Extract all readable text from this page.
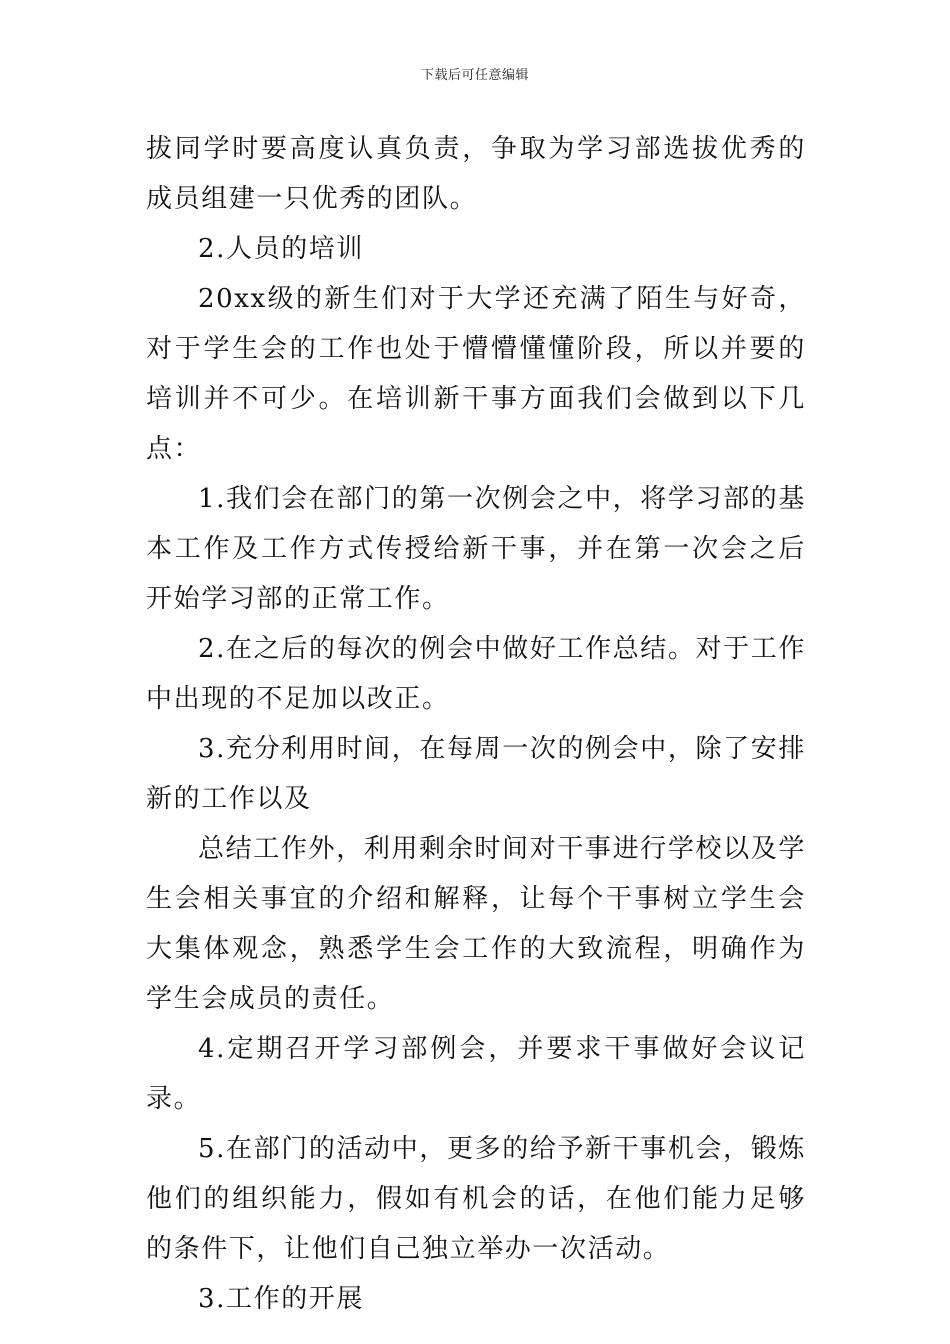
下载后可任意编辑

拔同学时要高度认真负责，争取为学习部选拔优秀的成员组建一只优秀的团队。

2.人员的培训

20xx级的新生们对于大学还充满了陌生与好奇，对于学生会的工作也处于懵懵懂懂阶段，所以并要的培训并不可少。在培训新干事方面我们会做到以下几点：

1.我们会在部门的第一次例会之中，将学习部的基本工作及工作方式传授给新干事，并在第一次会之后开始学习部的正常工作。

2.在之后的每次的例会中做好工作总结。对于工作中出现的不足加以改正。

3.充分利用时间，在每周一次的例会中，除了安排新的工作以及

总结工作外，利用剩余时间对干事进行学校以及学生会相关事宜的介绍和解释，让每个干事树立学生会大集体观念，熟悉学生会工作的大致流程，明确作为学生会成员的责任。

4.定期召开学习部例会，并要求干事做好会议记录。

5.在部门的活动中，更多的给予新干事机会，锻炼他们的组织能力，假如有机会的话，在他们能力足够的条件下，让他们自己独立举办一次活动。

3.工作的开展
